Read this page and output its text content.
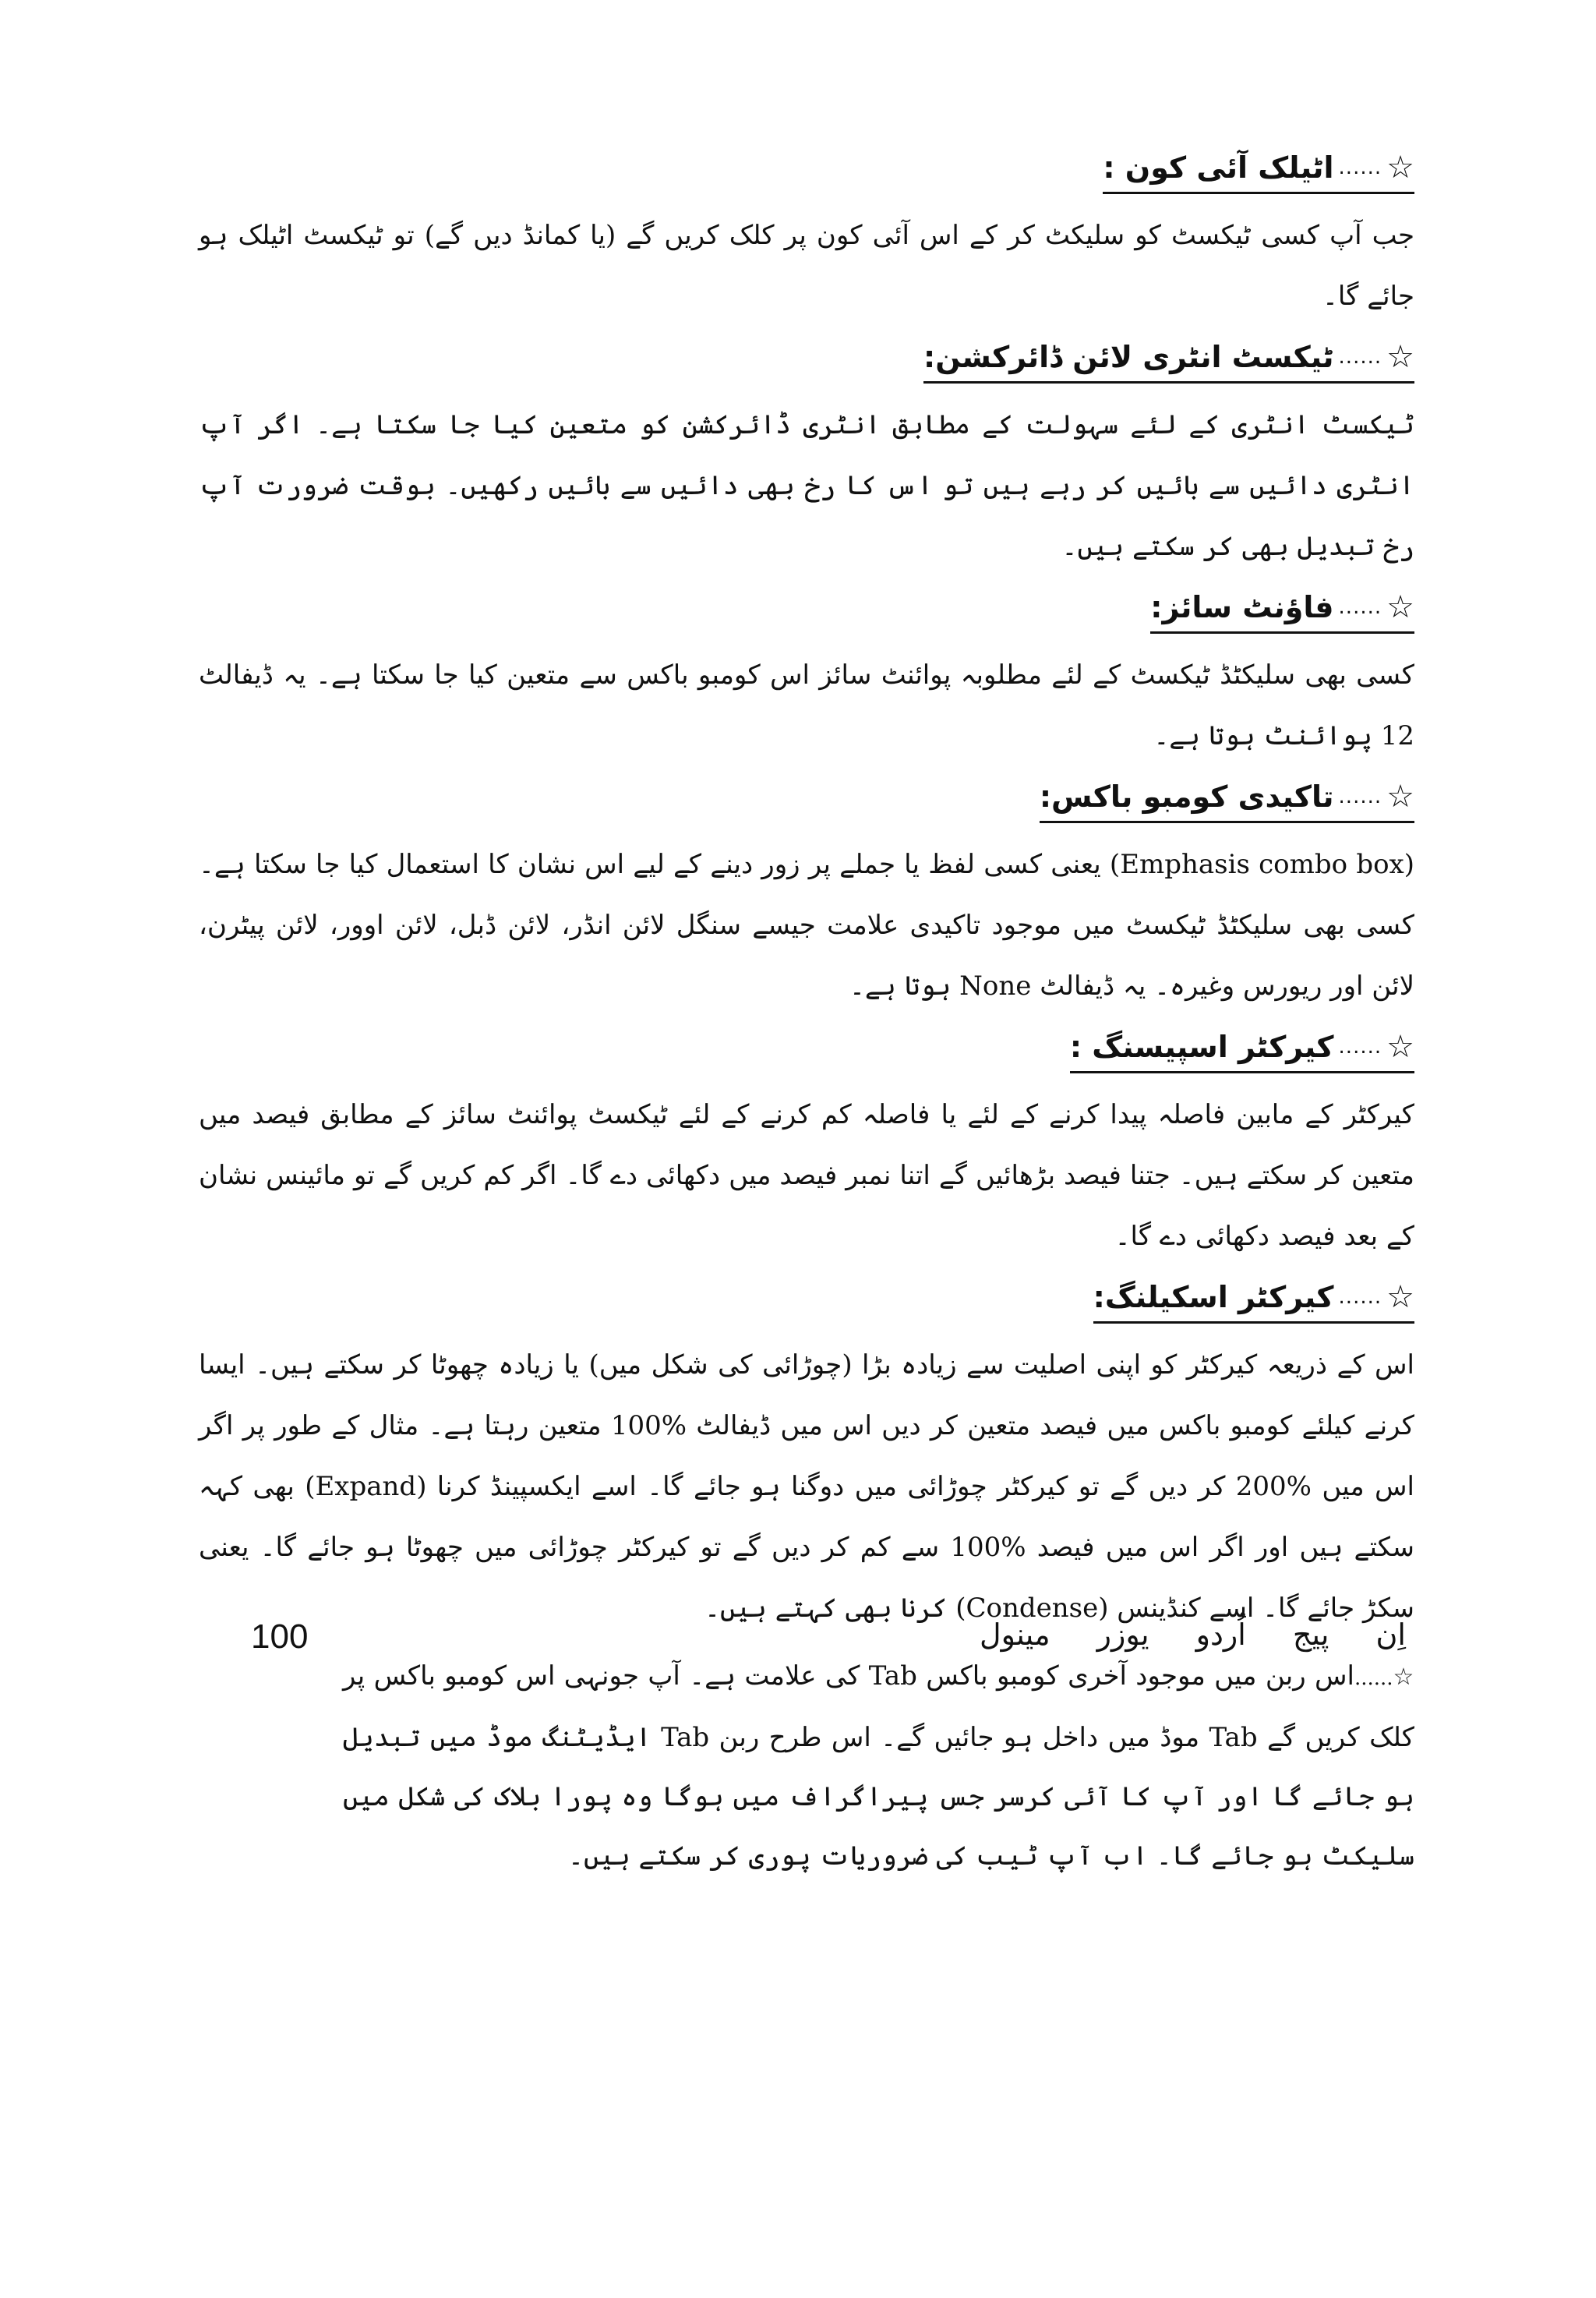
☆
......
اٹیلک آئی کون :

جب آپ کسی ٹیکسٹ کو سلیکٹ کر کے اس آئی کون پر کلک کریں گے (یا کمانڈ دیں گے) تو ٹیکسٹ اٹیلک ہو جائے گا۔

☆
......
ٹیکسٹ انٹری لائن ڈائرکشن:

ٹیکسٹ انٹری کے لئے سہولت کے مطابق انٹری ڈائرکشن کو متعین کیا جا سکتا ہے۔ اگر آپ انٹری دائیں سے بائیں کر رہے ہیں تو اس کا رخ بھی دائیں سے بائیں رکھیں۔ بوقت ضرورت آپ رخ تبدیل بھی کر سکتے ہیں۔

☆
......
فاؤنٹ سائز:

کسی بھی سلیکٹڈ ٹیکسٹ کے لئے مطلوبہ پوائنٹ سائز اس کومبو باکس سے متعین کیا جا سکتا ہے۔ یہ ڈیفالٹ 12 پوائنٹ ہوتا ہے۔

☆
......
تاکیدی کومبو باکس:

(Emphasis combo box) یعنی کسی لفظ یا جملے پر زور دینے کے لیے اس نشان کا استعمال کیا جا سکتا ہے۔ کسی بھی سلیکٹڈ ٹیکسٹ میں موجود تاکیدی علامت جیسے سنگل لائن انڈر، لائن ڈبل، لائن اوور، لائن پیٹرن، لائن اور ریورس وغیرہ۔ یہ ڈیفالٹ None ہوتا ہے۔

☆
......
کیرکٹر اسپیسنگ :

کیرکٹر کے مابین فاصلہ پیدا کرنے کے لئے یا فاصلہ کم کرنے کے لئے ٹیکسٹ پوائنٹ سائز کے مطابق فیصد میں متعین کر سکتے ہیں۔ جتنا فیصد بڑھائیں گے اتنا نمبر فیصد میں دکھائی دے گا۔ اگر کم کریں گے تو مائینس نشان کے بعد فیصد دکھائی دے گا۔

☆
......
کیرکٹر اسکیلنگ:

اس کے ذریعہ کیرکٹر کو اپنی اصلیت سے زیادہ بڑا (چوڑائی کی شکل میں) یا زیادہ چھوٹا کر سکتے ہیں۔ ایسا کرنے کیلئے کومبو باکس میں فیصد متعین کر دیں اس میں ڈیفالٹ %100 متعین رہتا ہے۔ مثال کے طور پر اگر اس میں %200 کر دیں گے تو کیرکٹر چوڑائی میں دوگنا ہو جائے گا۔ اسے ایکسپینڈ کرنا (Expand) بھی کہہ سکتے ہیں اور اگر اس میں فیصد %100 سے کم کر دیں گے تو کیرکٹر چوڑائی میں چھوٹا ہو جائے گا۔ یعنی سکڑ جائے گا۔ اسے کنڈینس (Condense) کرنا بھی کہتے ہیں۔

☆......اس ربن میں موجود آخری کومبو باکس Tab کی علامت ہے۔ آپ جونہی اس کومبو باکس پر کلک کریں گے Tab موڈ میں داخل ہو جائیں گے۔ اس طرح ربن Tab ایڈیٹنگ موڈ میں تبدیل ہو جائے گا اور آپ کا آئی کرسر جس پیراگراف میں ہوگا وہ پورا بلاک کی شکل میں سلیکٹ ہو جائے گا۔ اب آپ ٹیب کی ضروریات پوری کر سکتے ہیں۔

100	اِن پیج اُردو یوزر مینول
